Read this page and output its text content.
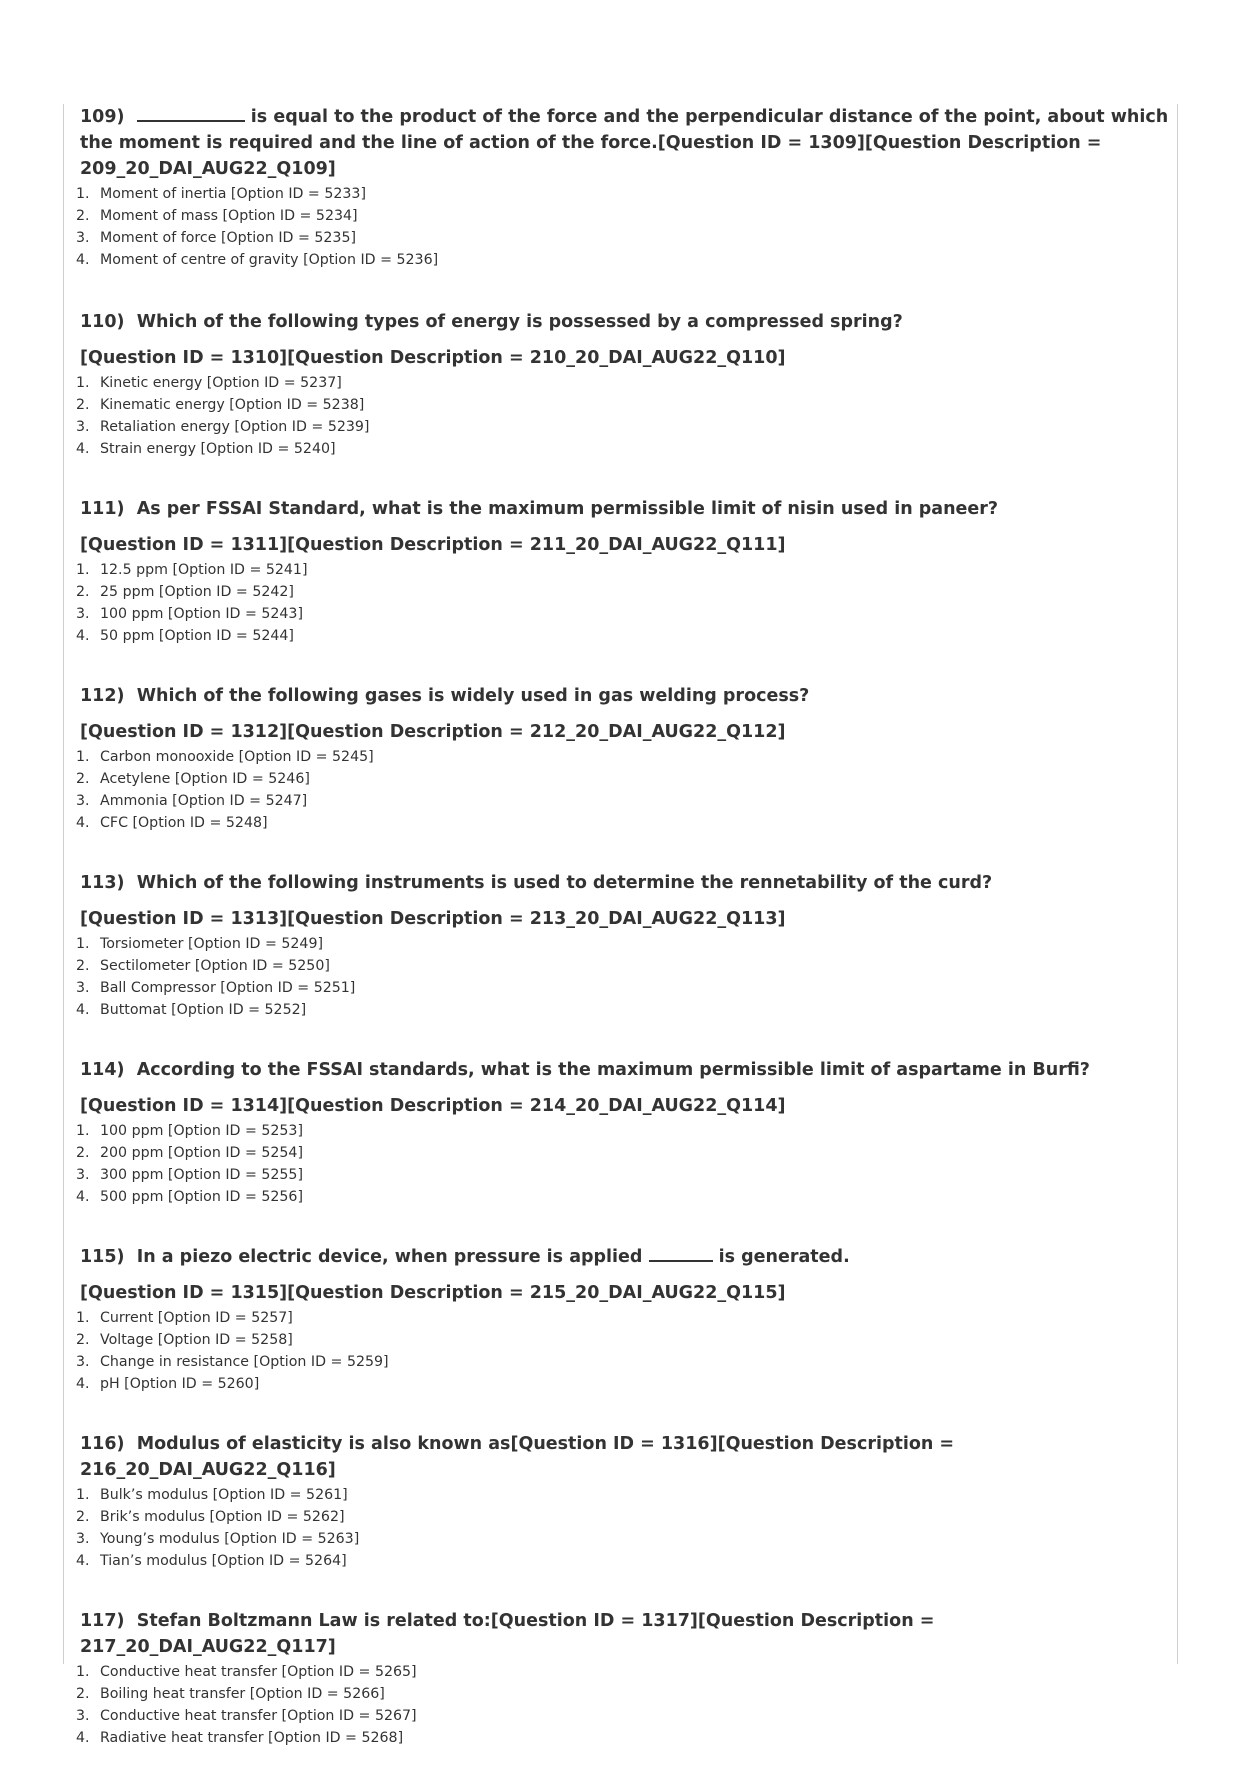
109)	is equal to the product of the force and the perpendicular distance of the point, about which the moment is required and the line of action of the force.[Question ID = 1309][Question Description = 209_20_DAI_AUG22_Q109]

1. Moment of inertia [Option ID = 5233]
2. Moment of mass [Option ID = 5234]
3. Moment of force [Option ID = 5235]
4. Moment of centre of gravity [Option ID = 5236]

110) Which of the following types of energy is possessed by a compressed spring?

[Question ID = 1310][Question Description = 210_20_DAI_AUG22_Q110]

1. Kinetic energy [Option ID = 5237]
2. Kinematic energy [Option ID = 5238]
3. Retaliation energy [Option ID = 5239]
4. Strain energy [Option ID = 5240]

111) As per FSSAI Standard, what is the maximum permissible limit of nisin used in paneer?

[Question ID = 1311][Question Description = 211_20_DAI_AUG22_Q111]

1. 12.5 ppm [Option ID = 5241]
2. 25 ppm [Option ID = 5242]
3. 100 ppm [Option ID = 5243]
4. 50 ppm [Option ID = 5244]

112) Which of the following gases is widely used in gas welding process?

[Question ID = 1312][Question Description = 212_20_DAI_AUG22_Q112]

1. Carbon monooxide [Option ID = 5245]
2. Acetylene [Option ID = 5246]
3. Ammonia [Option ID = 5247]
4. CFC [Option ID = 5248]

113) Which of the following instruments is used to determine the rennetability of the curd?

[Question ID = 1313][Question Description = 213_20_DAI_AUG22_Q113]

1. Torsiometer [Option ID = 5249]
2. Sectilometer [Option ID = 5250]
3. Ball Compressor [Option ID = 5251]
4. Buttomat [Option ID = 5252]

114) According to the FSSAI standards, what is the maximum permissible limit of aspartame in Burfi?

[Question ID = 1314][Question Description = 214_20_DAI_AUG22_Q114]

1. 100 ppm [Option ID = 5253]
2. 200 ppm [Option ID = 5254]
3. 300 ppm [Option ID = 5255]
4. 500 ppm [Option ID = 5256]

115) In a piezo electric device, when pressure is applied	is generated.

[Question ID = 1315][Question Description = 215_20_DAI_AUG22_Q115]

1. Current [Option ID = 5257]
2. Voltage [Option ID = 5258]
3. Change in resistance [Option ID = 5259]
4. pH [Option ID = 5260]

116) Modulus of elasticity is also known as[Question ID = 1316][Question Description = 216_20_DAI_AUG22_Q116]

1. Bulk’s modulus [Option ID = 5261]
2. Brik’s modulus [Option ID = 5262]
3. Young’s modulus [Option ID = 5263]
4. Tian’s modulus [Option ID = 5264]

117) Stefan Boltzmann Law is related to:[Question ID = 1317][Question Description = 217_20_DAI_AUG22_Q117]

1. Conductive heat transfer [Option ID = 5265]
2. Boiling heat transfer [Option ID = 5266]
3. Conductive heat transfer [Option ID = 5267]
4. Radiative heat transfer [Option ID = 5268]
